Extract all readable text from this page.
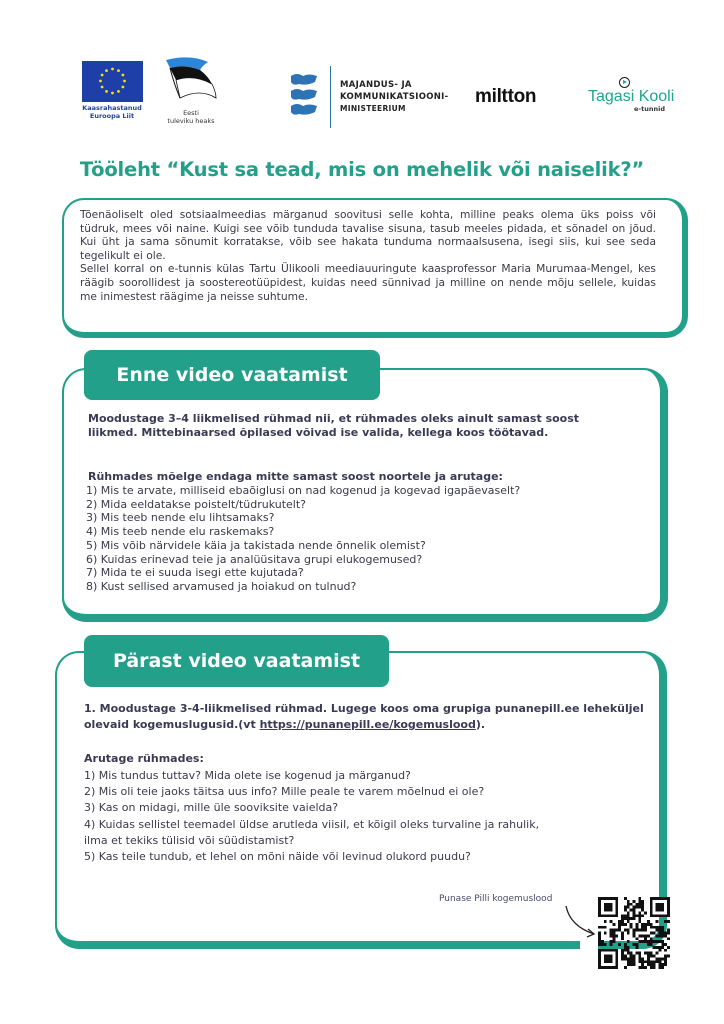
Kaasrahastanud
Euroopa Liit	Eesti
tuleviku heaks
MAJANDUS- JA
KOMMUNIKATSIOONI-
MINISTEERIUM
miltton	Tagasi Kooli
e-tunnid
Tööleht “Kust sa tead, mis on mehelik või naiselik?”

Tõenäoliselt oled sotsiaalmeedias märganud soovitusi selle kohta, milline peaks olema üks poiss või tüdruk, mees või naine. Kuigi see võib tunduda tavalise sisuna, tasub meeles pidada, et sõnadel on jõud. Kui üht ja sama sõnumit korratakse, võib see hakata tunduma normaalsusena, isegi siis, kui see seda tegelikult ei ole.

Sellel korral on e-tunnis külas Tartu Ülikooli meediauuringute kaasprofessor Maria Murumaa-Mengel, kes räägib soorollidest ja soostereotüüpidest, kuidas need sünnivad ja milline on nende mõju sellele, kuidas me inimestest räägime ja neisse suhtume.

Enne video vaatamist
Moodustage 3–4 liikmelised rühmad nii, et rühmades oleks ainult samast soost liikmed. Mittebinaarsed õpilased võivad ise valida, kellega koos töötavad.
Rühmades mõelge endaga mitte samast soost noortele ja arutage:
1) Mis te arvate, milliseid ebaõiglusi on nad kogenud ja kogevad igapäevaselt?
2) Mida eeldatakse poistelt/tüdrukutelt?
3) Mis teeb nende elu lihtsamaks?
4) Mis teeb nende elu raskemaks?
5) Mis võib närvidele käia ja takistada nende õnnelik olemist?
6) Kuidas erinevad teie ja analüüsitava grupi elukogemused?
7) Mida te ei suuda isegi ette kujutada?
8) Kust sellised arvamused ja hoiakud on tulnud?
Pärast video vaatamist
1. Moodustage 3-4-liikmelised rühmad. Lugege koos oma grupiga punanepill.ee leheküljel olevaid kogemuslugusid.(vt https://punanepill.ee/kogemuslood).
Arutage rühmades:
1) Mis tundus tuttav? Mida olete ise kogenud ja märganud?
2) Mis oli teie jaoks täitsa uus info? Mille peale te varem mõelnud ei ole?
3) Kas on midagi, mille üle sooviksite vaielda?
4) Kuidas sellistel teemadel üldse arutleda viisil, et kõigil oleks turvaline ja rahulik,
ilma et tekiks tülisid või süüdistamist?
5) Kas teile tundub, et lehel on mõni näide või levinud olukord puudu?
Punase Pilli kogemuslood
